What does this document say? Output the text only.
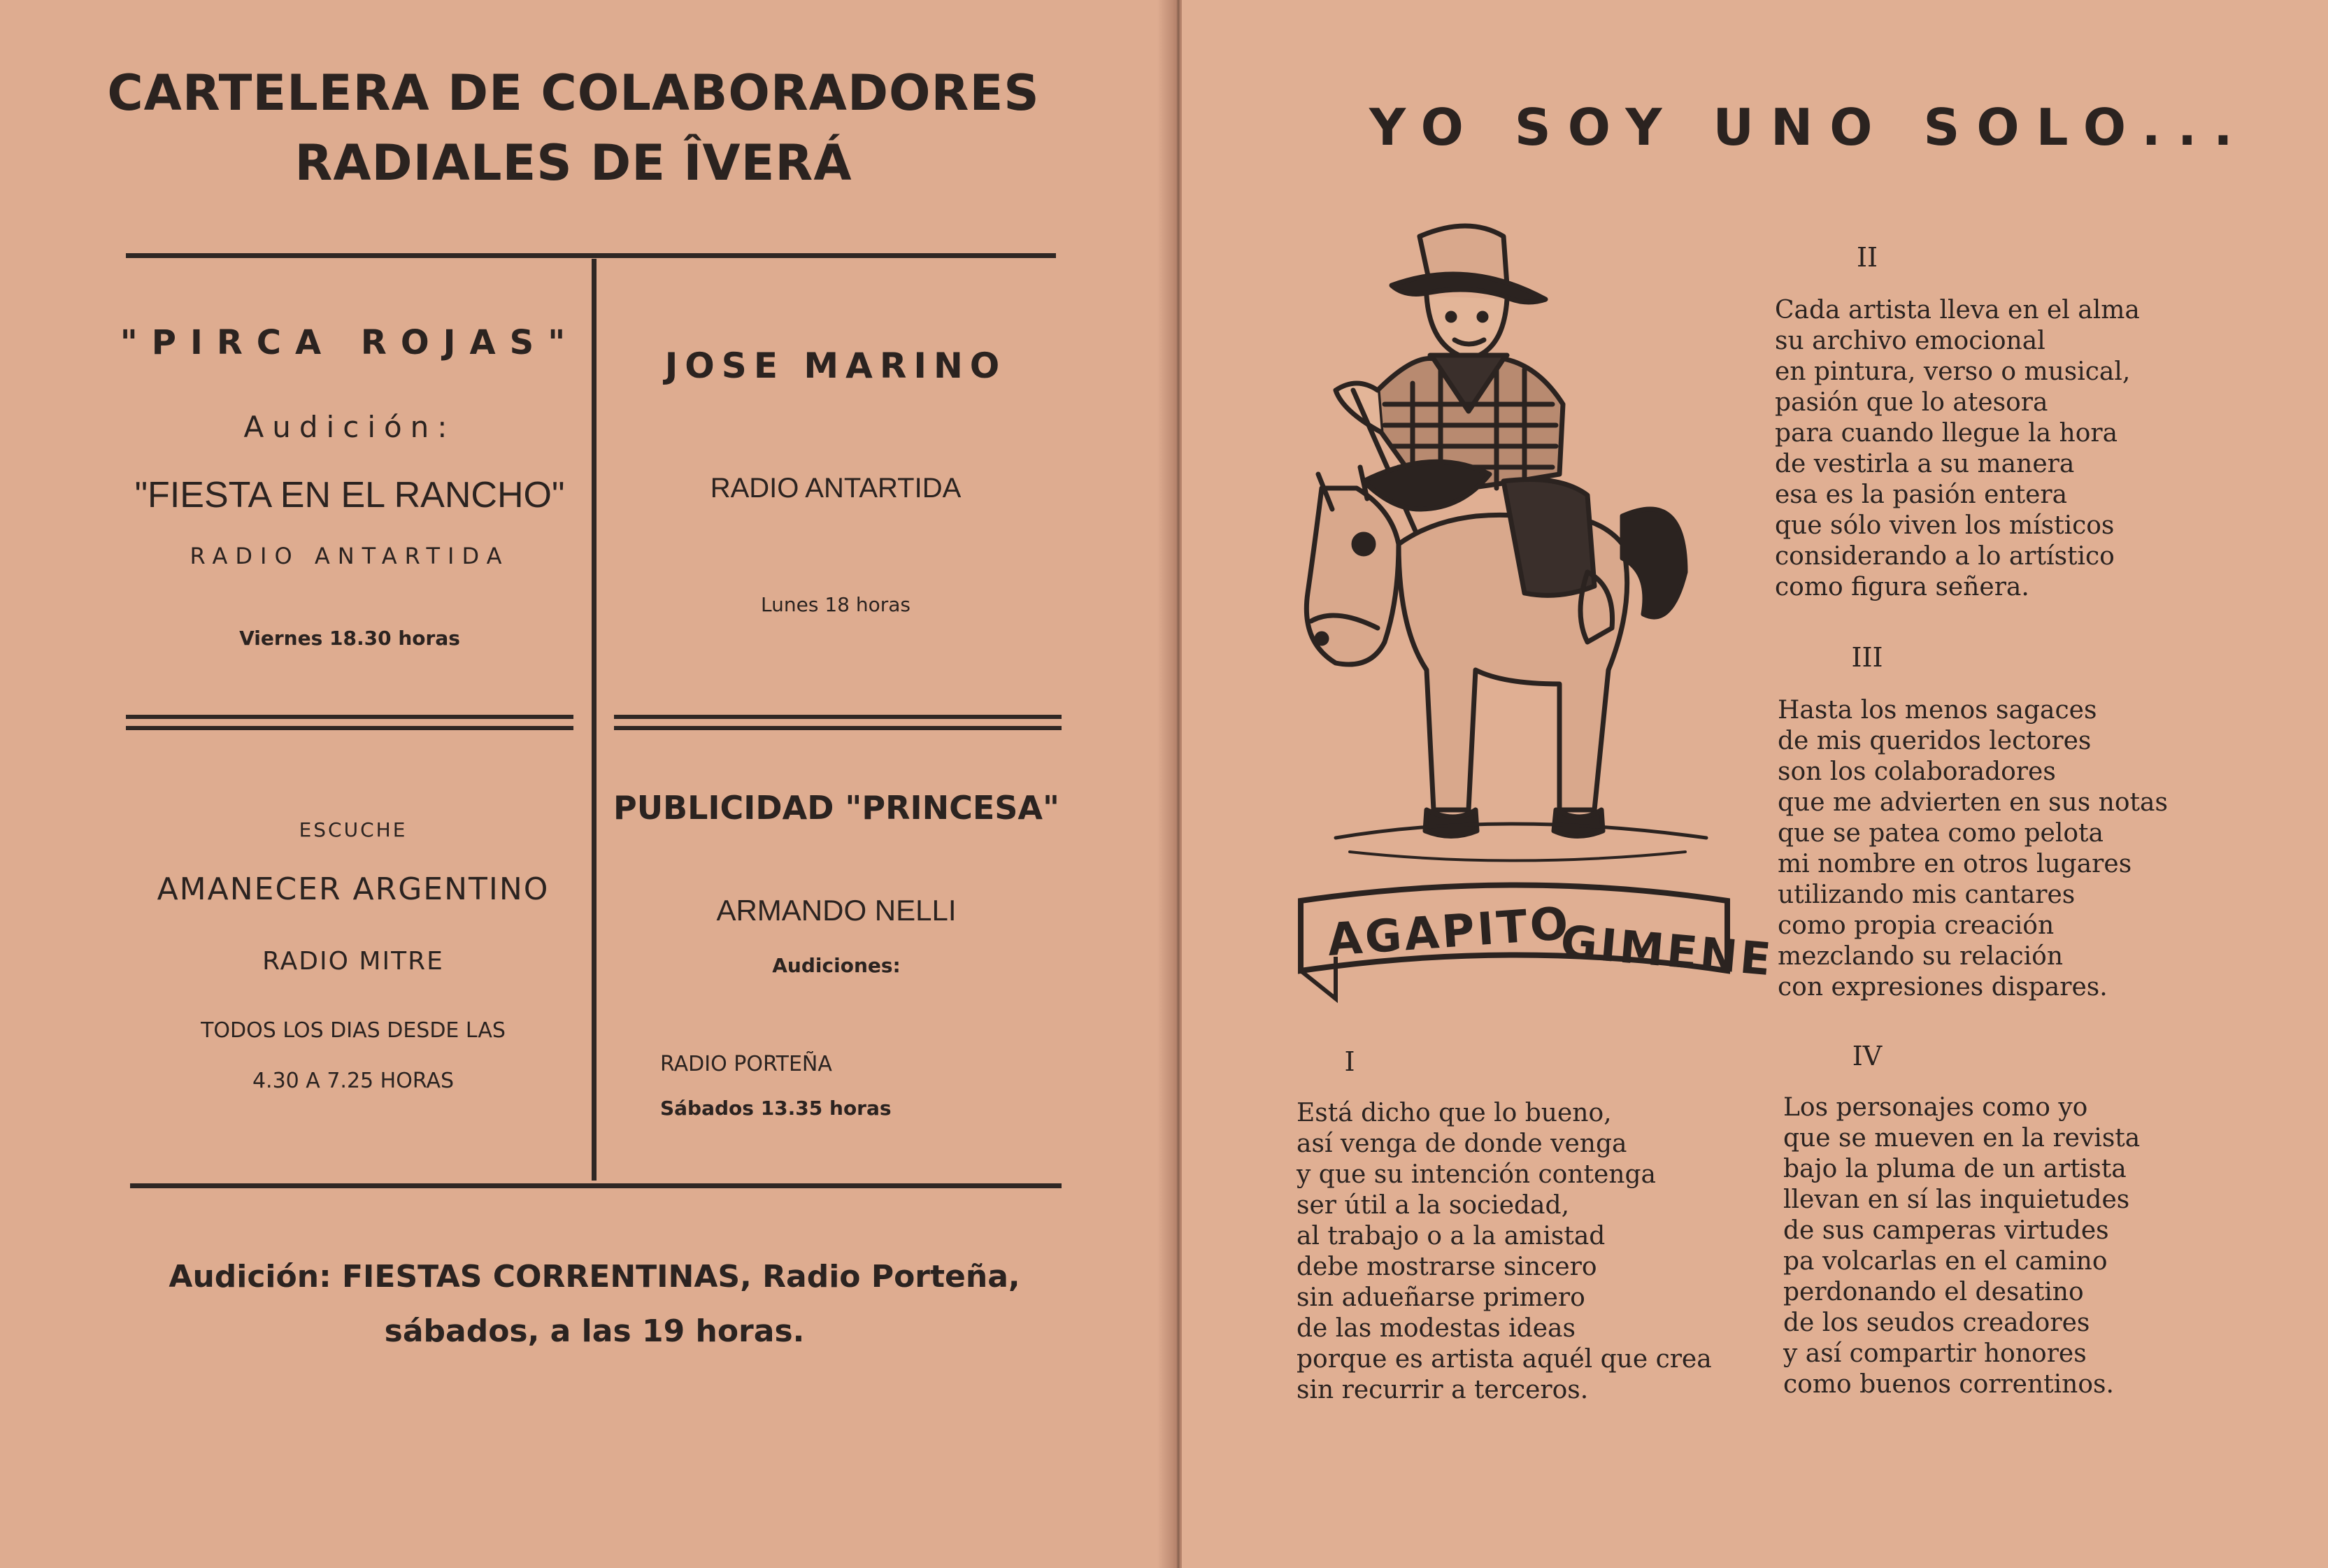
CARTELERA DE COLABORADORES
RADIALES DE ÎVERÁ
"PIRCA ROJAS"
Audición:
"FIESTA EN EL RANCHO"
RADIO ANTARTIDA
Viernes 18.30 horas
JOSE MARINO
RADIO ANTARTIDA
Lunes 18 horas
ESCUCHE
AMANECER ARGENTINO
RADIO MITRE
TODOS LOS DIAS DESDE LAS
4.30 A 7.25 HORAS
PUBLICIDAD "PRINCESA"
ARMANDO NELLI
Audiciones:
RADIO PORTEÑA
Sábados 13.35 horas
Audición: FIESTAS CORRENTINAS, Radio Porteña,
sábados, a las 19 horas.
YO SOY UNO SOLO...
AGAPITO
GIMENE
II
Cada artista lleva en el alma
su archivo emocional
en pintura, verso o musical,
pasión que lo atesora
para cuando llegue la hora
de vestirla a su manera
esa es la pasión entera
que sólo viven los místicos
considerando a lo artístico
como figura señera.
III
Hasta los menos sagaces
de mis queridos lectores
son los colaboradores
que me advierten en sus notas
que se patea como pelota
mi nombre en otros lugares
utilizando mis cantares
como propia creación
mezclando su relación
con expresiones dispares.
I
Está dicho que lo bueno,
así venga de donde venga
y que su intención contenga
ser útil a la sociedad,
al trabajo o a la amistad
debe mostrarse sincero
sin adueñarse primero
de las modestas ideas
porque es artista aquél que crea
sin recurrir a terceros.
IV
Los personajes como yo
que se mueven en la revista
bajo la pluma de un artista
llevan en sí las inquietudes
de sus camperas virtudes
pa volcarlas en el camino
perdonando el desatino
de los seudos creadores
y así compartir honores
como buenos correntinos.
